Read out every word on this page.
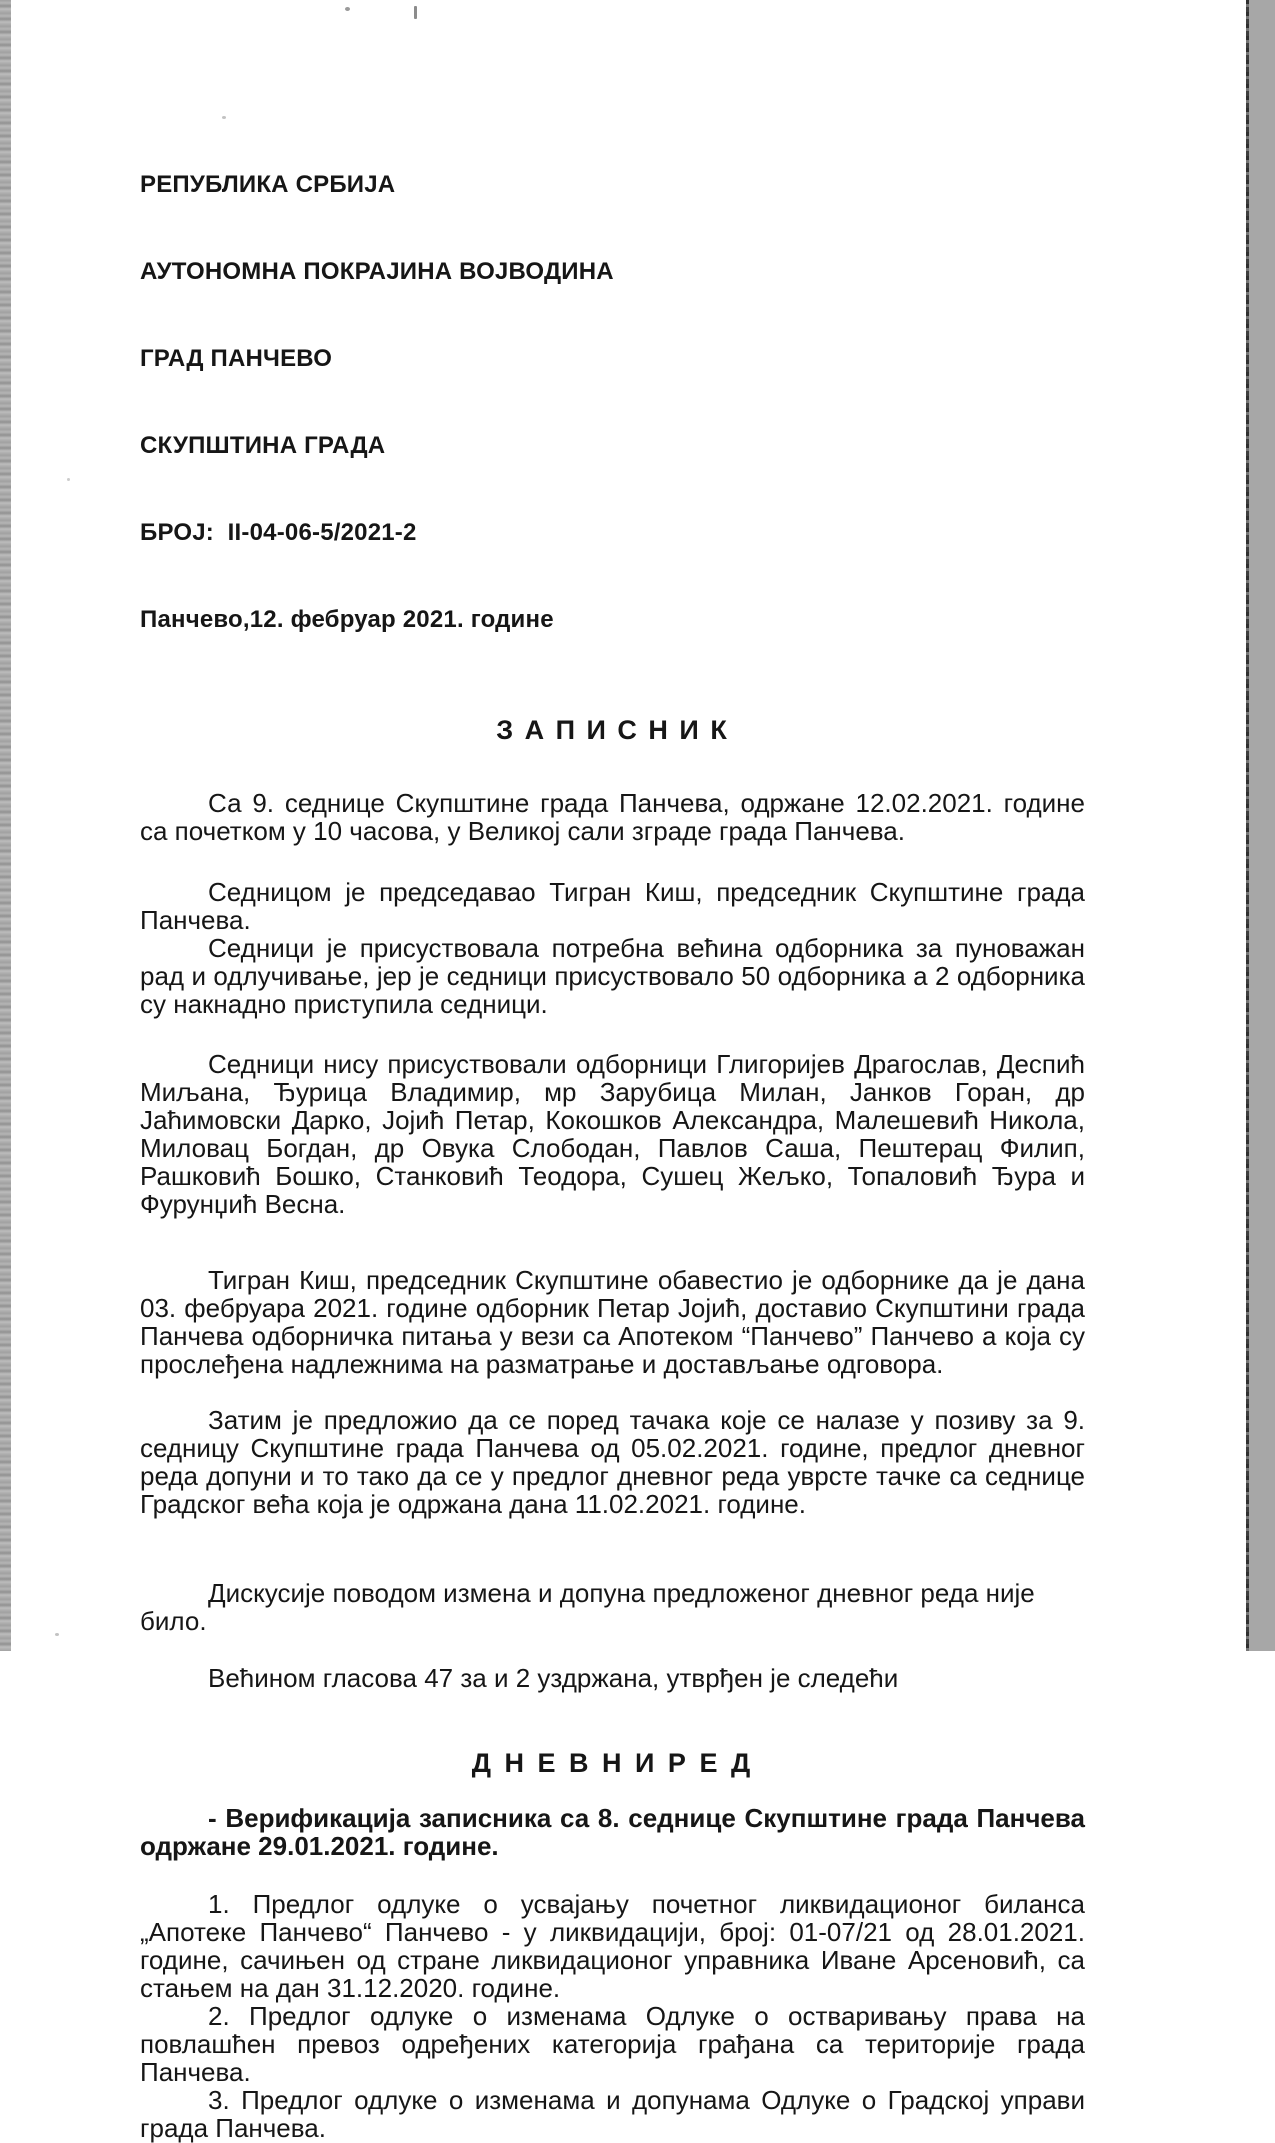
РЕПУБЛИКА СРБИЈА

АУТОНОМНА ПОКРАЈИНА ВОЈВОДИНА

ГРАД ПАНЧЕВО

СКУПШТИНА ГРАДА

БРОЈ:  II-04-06-5/2021-2

Панчево,12. фебруар 2021. године

З А П И С Н И К

Са 9. седнице Скупштине града Панчева, одржане 12.02.2021. године са почетком у 10 часова, у Великој сали зграде града Панчева.

Седницом је председавао Тигран Киш, председник Скупштине града Панчева.

Седници је присуствовала потребна већина одборника за пуноважан рад и одлучивање, јер је седници присуствовало 50 одборника а 2 одборника су накнадно приступила седници.

Седници нису присуствовали одборници Глигоријев Драгослав, Деспић Миљана, Ђурица Владимир, мр Зарубица Милан, Јанков Горан, др Јаћимовски Дарко, Јојић Петар, Кокошков Александра, Малешевић Никола, Миловац Богдан, др Овука Слободан, Павлов Саша, Пештерац Филип, Рашковић Бошко, Станковић Теодора, Сушец Жељко, Топаловић Ђура и Фурунџић Весна.

Тигран Киш, председник Скупштине обавестио је одборнике да је дана 03. фебруара 2021. године одборник Петар Јојић, доставио Скупштини града Панчева одборничка питања у вези са Апотеком “Панчево” Панчево а која су прослеђена надлежнима на разматрање и достављање одговора.

Затим је предложио да се поред тачака које се налазе у позиву за 9. седницу Скупштине града Панчева од 05.02.2021. године, предлог дневног реда допуни и то тако да се у предлог дневног реда уврсте тачке са седнице Градског већа која је одржана дана 11.02.2021. године.

Дискусије поводом измена и допуна предложеног дневног реда није било.

Већином гласова 47 за и 2 уздржана, утврђен је следећи

Д Н Е В Н И Р Е Д

- Верификација записника са 8. седнице Скупштине града Панчева одржане 29.01.2021. године.

1. Предлог одлуке о усвајању почетног ликвидационог биланса „Апотеке Панчево“ Панчево - у ликвидацији, број: 01-07/21 од 28.01.2021. године, сачињен од стране ликвидационог управника Иване Арсеновић, са стањем на дан 31.12.2020. године.

2. Предлог одлуке о изменама Одлуке о остваривању права на повлашћен превоз одређених категорија грађана са територије града Панчева.

3. Предлог одлуке о изменама и допунама Одлуке о Градској управи града Панчева.
